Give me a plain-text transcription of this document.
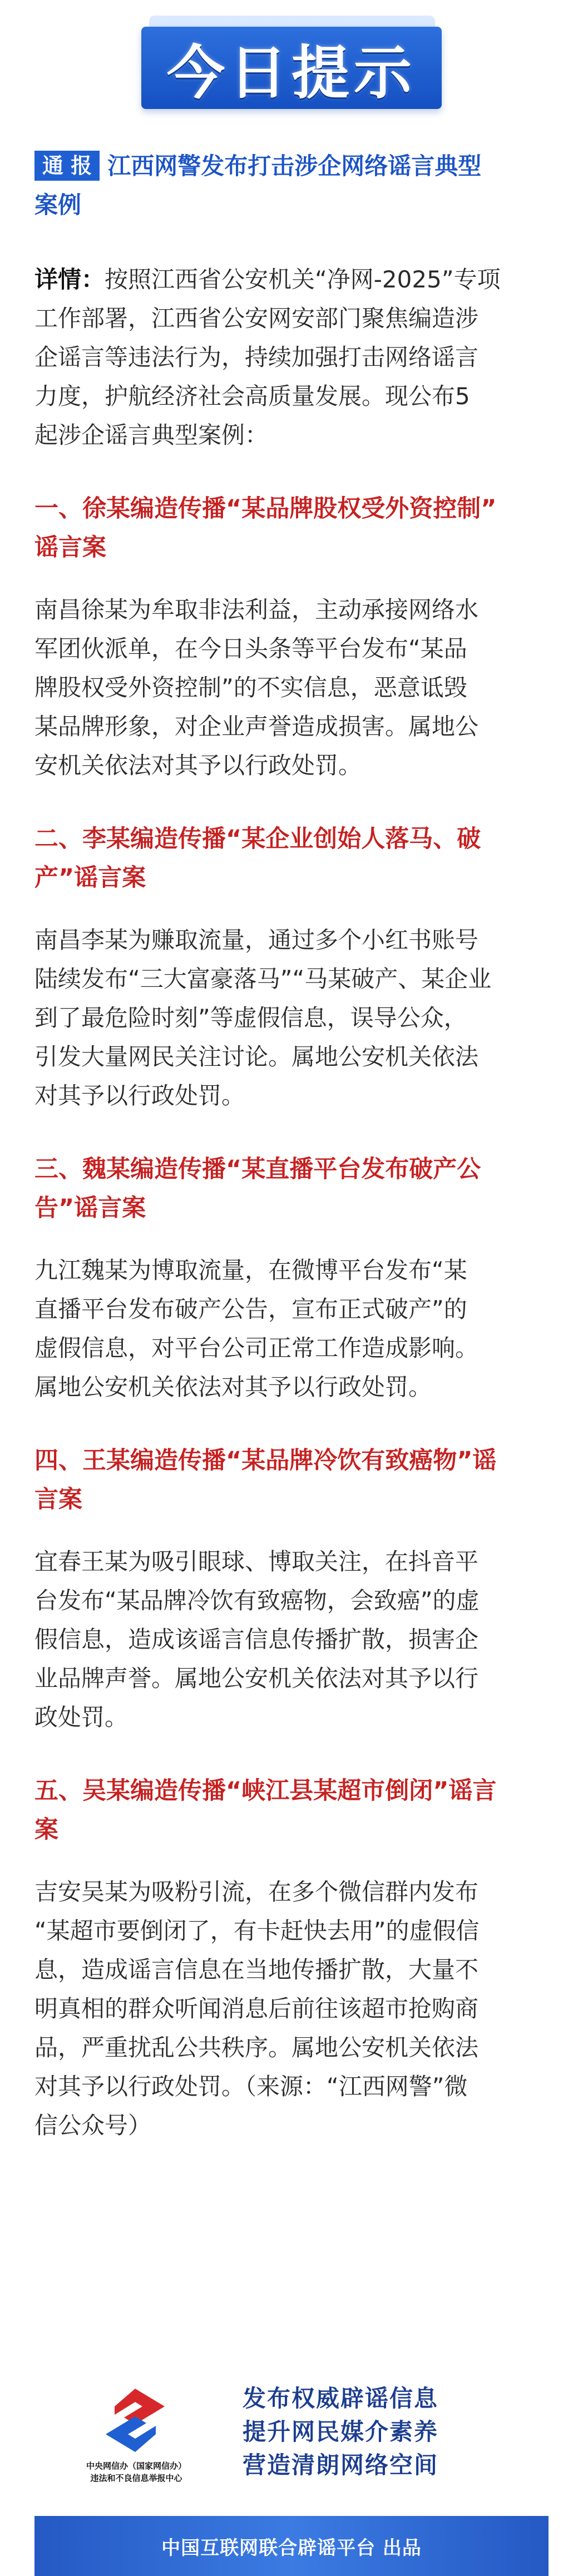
今日提示
通 报 江西网警发布打击涉企网络谣言典型
案例

详情：按照江西省公安机关“净网-2025”专项

工作部署，江西省公安网安部门聚焦编造涉

企谣言等违法行为，持续加强打击网络谣言

力度，护航经济社会高质量发展。现公布5

起涉企谣言典型案例：

一、徐某编造传播“某品牌股权受外资控制”

谣言案

南昌徐某为牟取非法利益，主动承接网络水

军团伙派单，在今日头条等平台发布“某品

牌股权受外资控制”的不实信息，恶意诋毁

某品牌形象，对企业声誉造成损害。属地公

安机关依法对其予以行政处罚。

二、李某编造传播“某企业创始人落马、破

产”谣言案

南昌李某为赚取流量，通过多个小红书账号

陆续发布“三大富豪落马”“马某破产、某企业

到了最危险时刻”等虚假信息，误导公众，

引发大量网民关注讨论。属地公安机关依法

对其予以行政处罚。

三、魏某编造传播“某直播平台发布破产公

告”谣言案

九江魏某为博取流量，在微博平台发布“某

直播平台发布破产公告，宣布正式破产”的

虚假信息，对平台公司正常工作造成影响。

属地公安机关依法对其予以行政处罚。

四、王某编造传播“某品牌冷饮有致癌物”谣

言案

宜春王某为吸引眼球、博取关注，在抖音平

台发布“某品牌冷饮有致癌物，会致癌”的虚

假信息，造成该谣言信息传播扩散，损害企

业品牌声誉。属地公安机关依法对其予以行

政处罚。

五、吴某编造传播“峡江县某超市倒闭”谣言

案

吉安吴某为吸粉引流，在多个微信群内发布

“某超市要倒闭了，有卡赶快去用”的虚假信

息，造成谣言信息在当地传播扩散，大量不

明真相的群众听闻消息后前往该超市抢购商

品，严重扰乱公共秩序。属地公安机关依法

对其予以行政处罚。（来源：“江西网警”微

信公众号）

中央网信办（国家网信办）
违法和不良信息举报中心
发布权威辟谣信息
提升网民媒介素养
营造清朗网络空间
中国互联网联合辟谣平台 出品
